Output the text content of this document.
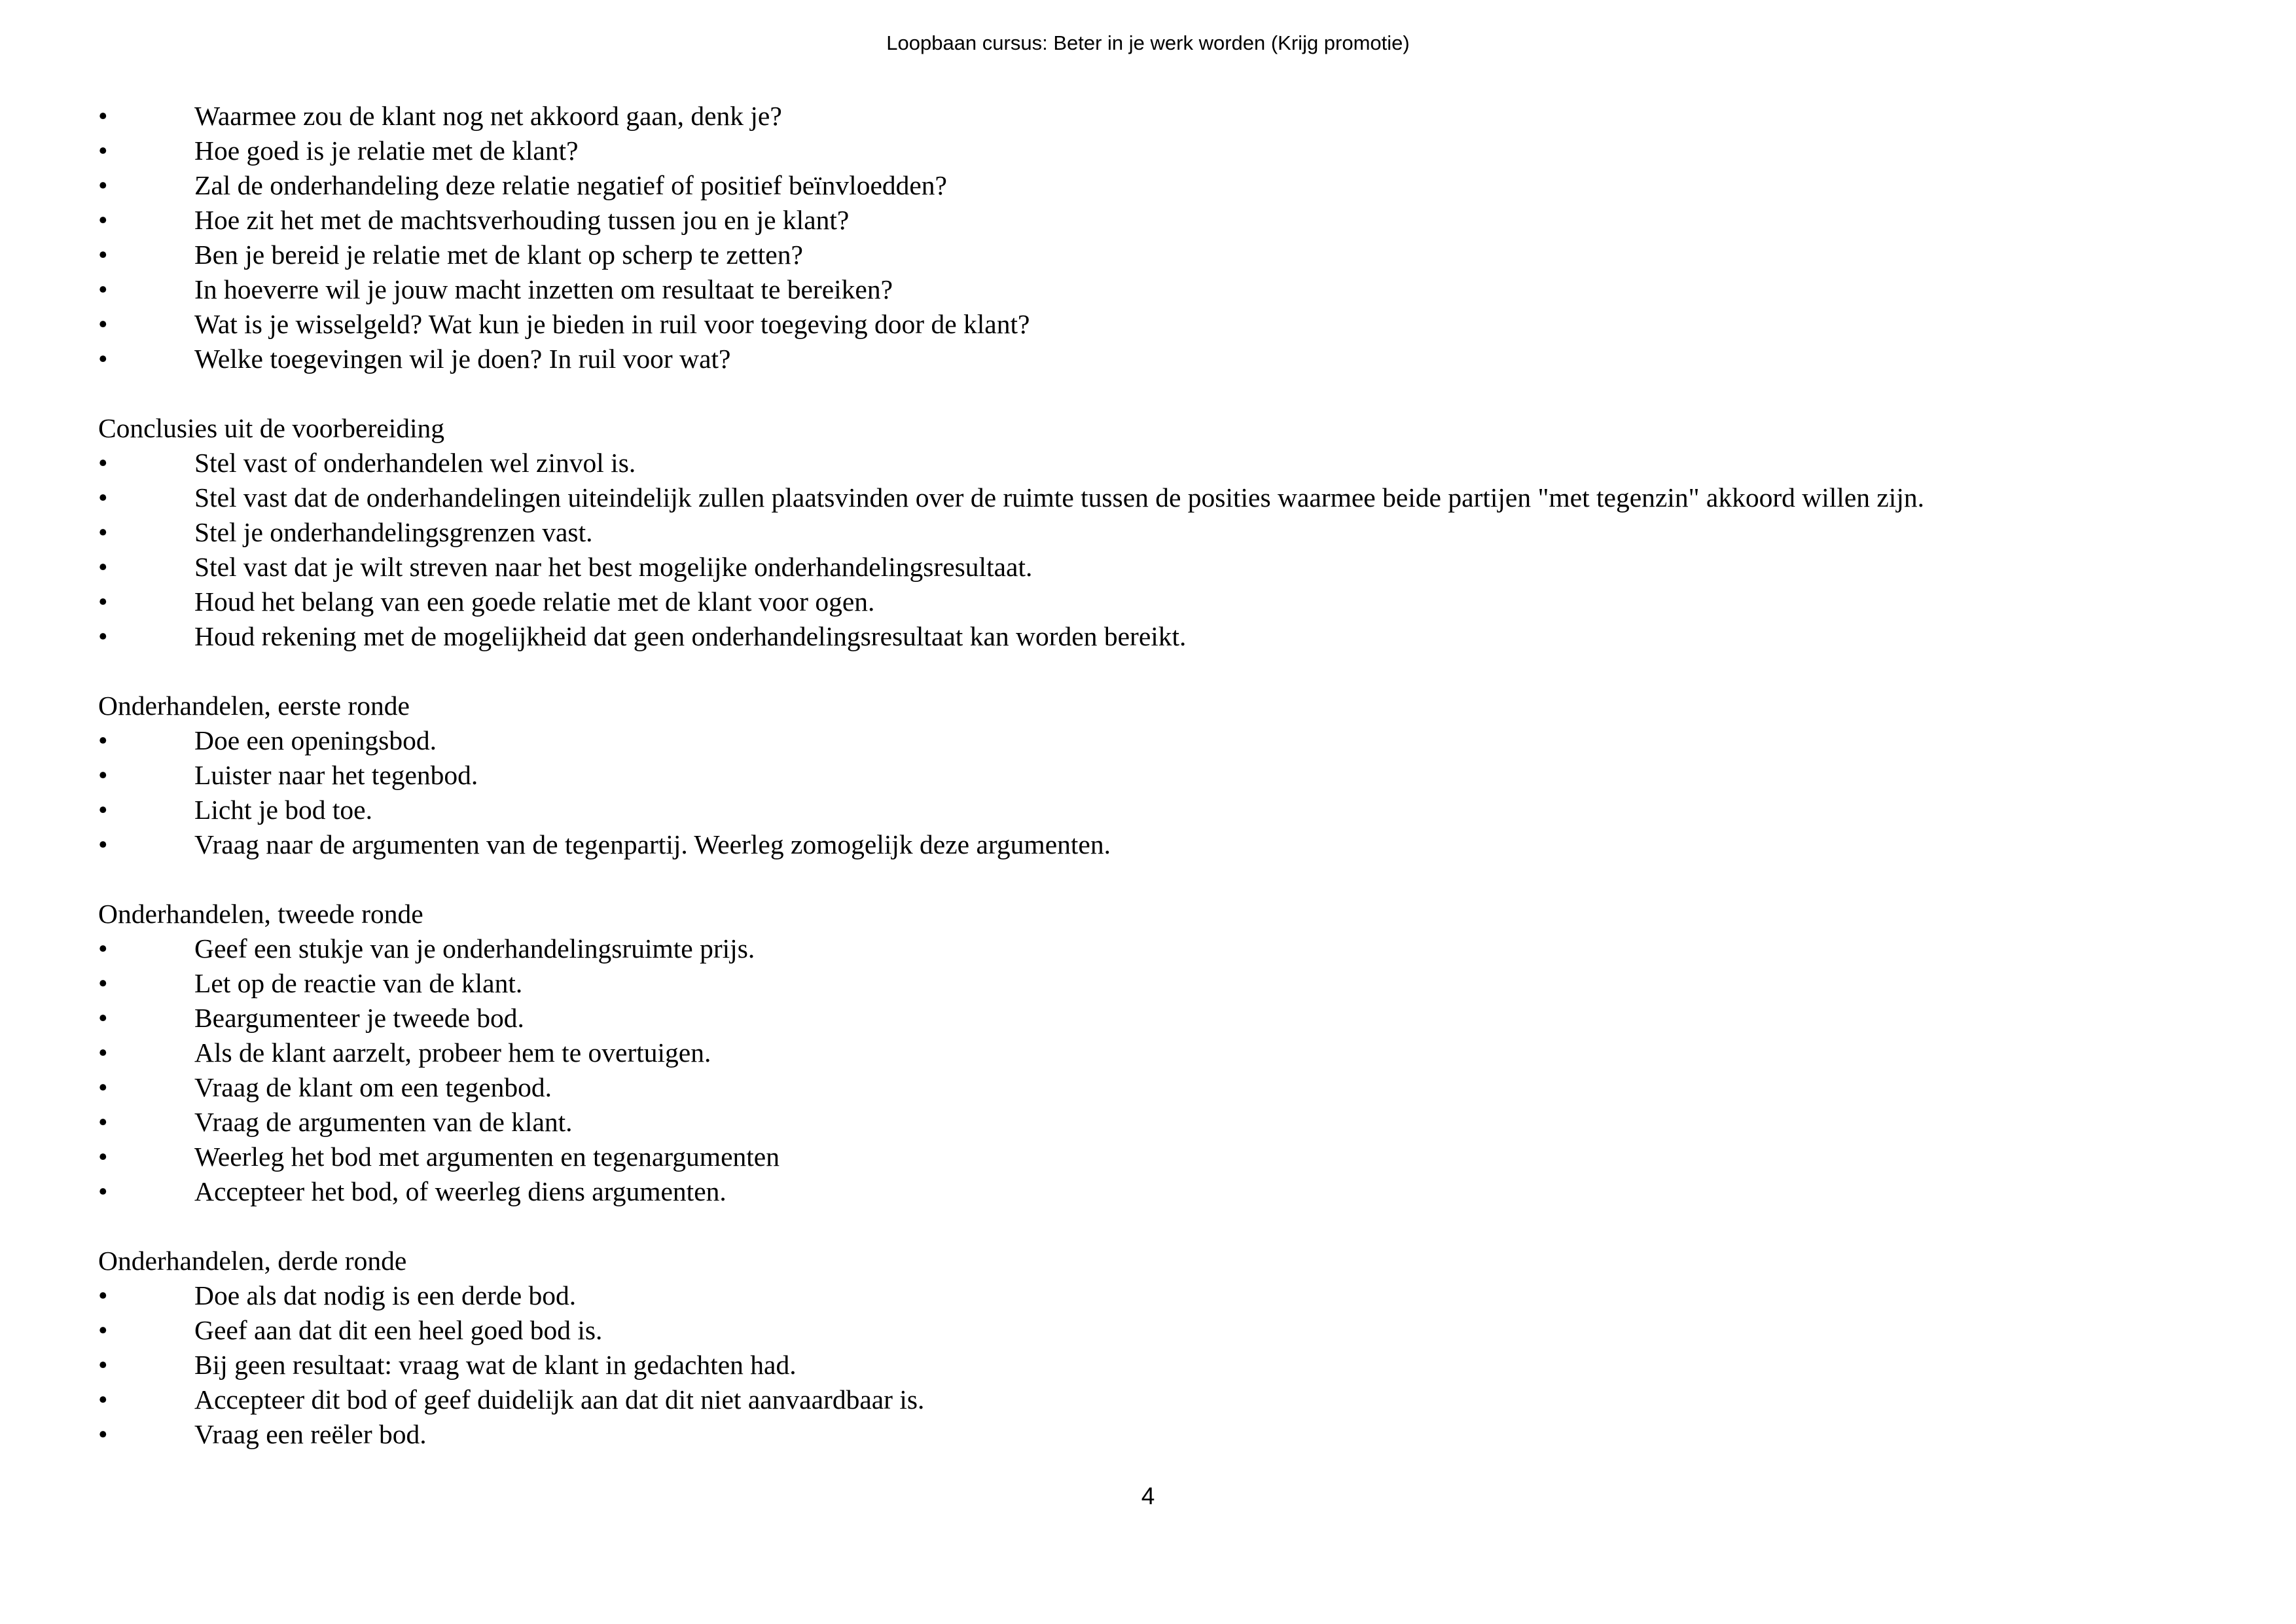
Loopbaan cursus: Beter in je werk worden (Krijg promotie)
•	Waarmee zou de klant nog net akkoord gaan, denk je?
•	Hoe goed is je relatie met de klant?
•	Zal de onderhandeling deze relatie negatief of positief beïnvloedden?
•	Hoe zit het met de machtsverhouding tussen jou en je klant?
•	Ben je bereid je relatie met de klant op scherp te zetten?
•	In hoeverre wil je jouw macht inzetten om resultaat te bereiken?
•	Wat is je wisselgeld? Wat kun je bieden in ruil voor toegeving door de klant?
•	Welke toegevingen wil je doen? In ruil voor wat?
Conclusies uit de voorbereiding
•	Stel vast of onderhandelen wel zinvol is.
•	Stel vast dat de onderhandelingen uiteindelijk zullen plaatsvinden over de ruimte tussen de posities waarmee beide partijen "met tegenzin" akkoord willen zijn.
•	Stel je onderhandelingsgrenzen vast.
•	Stel vast dat je wilt streven naar het best mogelijke onderhandelingsresultaat.
•	Houd het belang van een goede relatie met de klant voor ogen.
•	Houd rekening met de mogelijkheid dat geen onderhandelingsresultaat kan worden bereikt.
Onderhandelen, eerste ronde
•	Doe een openingsbod.
•	Luister naar het tegenbod.
•	Licht je bod toe.
•	Vraag naar de argumenten van de tegenpartij. Weerleg zomogelijk deze argumenten.
Onderhandelen, tweede ronde
•	Geef een stukje van je onderhandelingsruimte prijs.
•	Let op de reactie van de klant.
•	Beargumenteer je tweede bod.
•	Als de klant aarzelt, probeer hem te overtuigen.
•	Vraag de klant om een tegenbod.
•	Vraag de argumenten van de klant.
•	Weerleg het bod met argumenten en tegenargumenten
•	Accepteer het bod, of weerleg diens argumenten.
Onderhandelen, derde ronde
•	Doe als dat nodig is een derde bod.
•	Geef aan dat dit een heel goed bod is.
•	Bij geen resultaat: vraag wat de klant in gedachten had.
•	Accepteer dit bod of geef duidelijk aan dat dit niet aanvaardbaar is.
•	Vraag een reëler bod.
4
